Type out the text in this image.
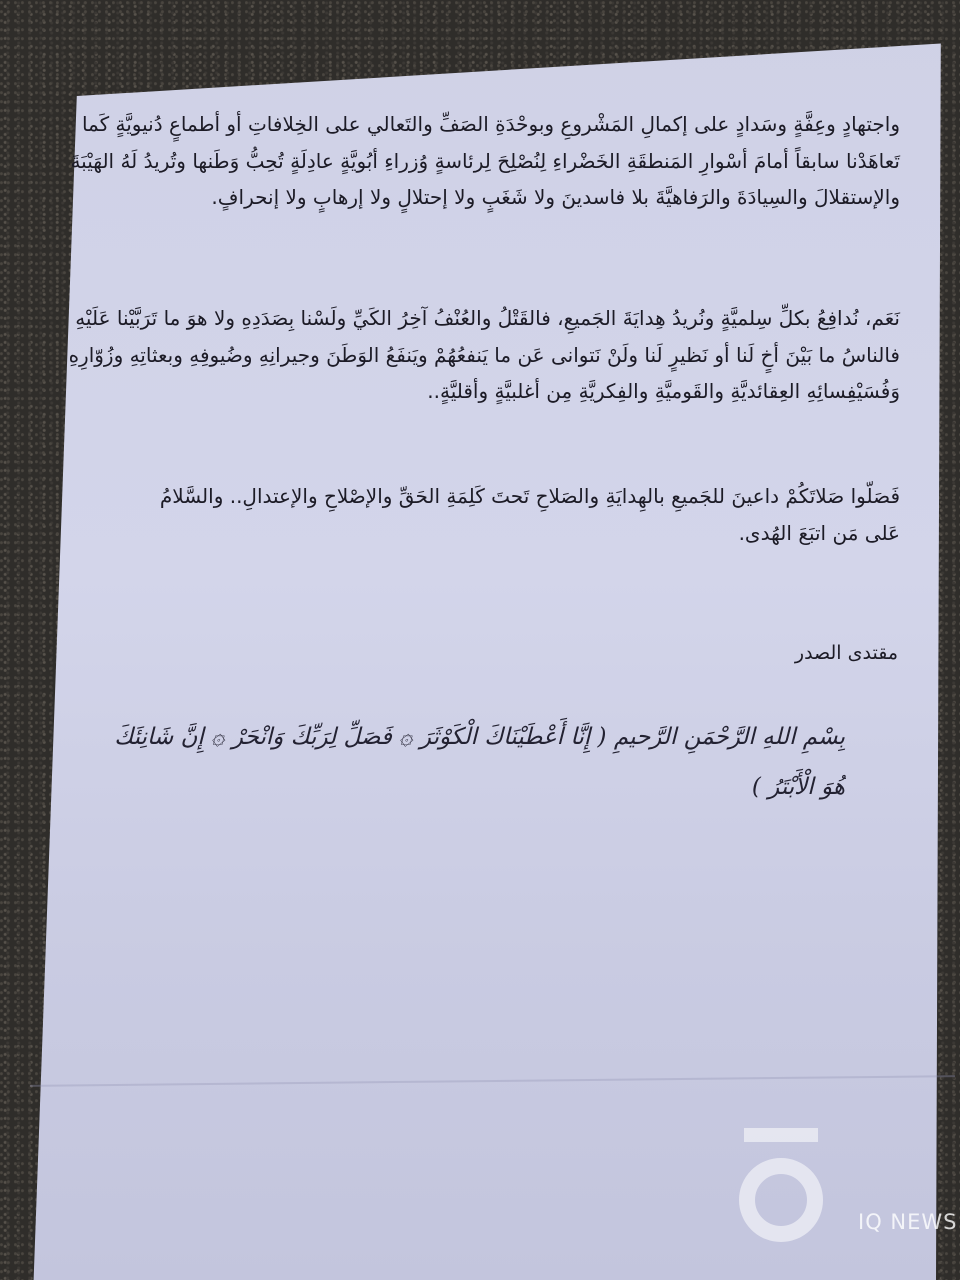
واجتهادٍ وعِفَّةٍ وسَدادٍ على إكمالِ المَشْروعِ وبوحْدَةِ الصَفِّ والتَعالي على الخِلافاتِ أو أطماعٍ دُنيويَّةٍ كَما تَعاهَدْنا سابقاً أمامَ أسْوارِ المَنطقَةِ الخَضْراءِ لِنُصْلِحَ لِرئاسةٍ وُزراءِ أبُويَّةٍ عادِلَةٍ تُحِبُّ وَطَنها وتُريدُ لَهُ الهَيْبَةَ والإستقلالَ والسِيادَةَ والرَفاهيَّةَ بلا فاسدينَ ولا شَغَبٍ ولا إحتلالٍ ولا إرهابٍ ولا إنحرافٍ.
نَعَم، نُدافِعُ بكلِّ سِلميَّةٍ ونُريدُ هِدايَةَ الجَميعِ، فالقَتْلُ والعُنْفُ آخِرُ الكَيِّ ولَسْنا بِصَدَدِهِ ولا هوَ ما تَرَبَّيْنا عَلَيْهِ فالناسُ ما بَيْنَ أخٍ لَنا أو نَظيرٍ لَنا ولَنْ نَتوانى عَن ما يَنفعُهُمْ ويَنفَعُ الوَطَنَ وجيرانِهِ وضُيوفِهِ وبعثاتِهِ وزُوّارِهِ وَفُسَيْفِسائِهِ العِقائديَّةِ والقَوميَّةِ والفِكريَّةِ مِن أغلبيَّةٍ وأقليَّةٍ..
فَصَلّوا صَلاتَكُمْ داعينَ للجَميعِ بالهِدايَةِ والصَلاحِ تَحتَ كَلِمَةِ الحَقِّ والإصْلاحِ والإعتدالِ.. والسَّلامُ عَلى مَن اتبَعَ الهُدى.
مقتدى الصدر
بِسْمِ اللهِ الرَّحْمَنِ الرَّحيمِ ( إِنَّا أَعْطَيْنَاكَ الْكَوْثَرَ ۞ فَصَلِّ لِرَبِّكَ وَانْحَرْ ۞ إِنَّ شَانِئَكَ هُوَ الْأَبْتَرُ )
IQ NEWS
